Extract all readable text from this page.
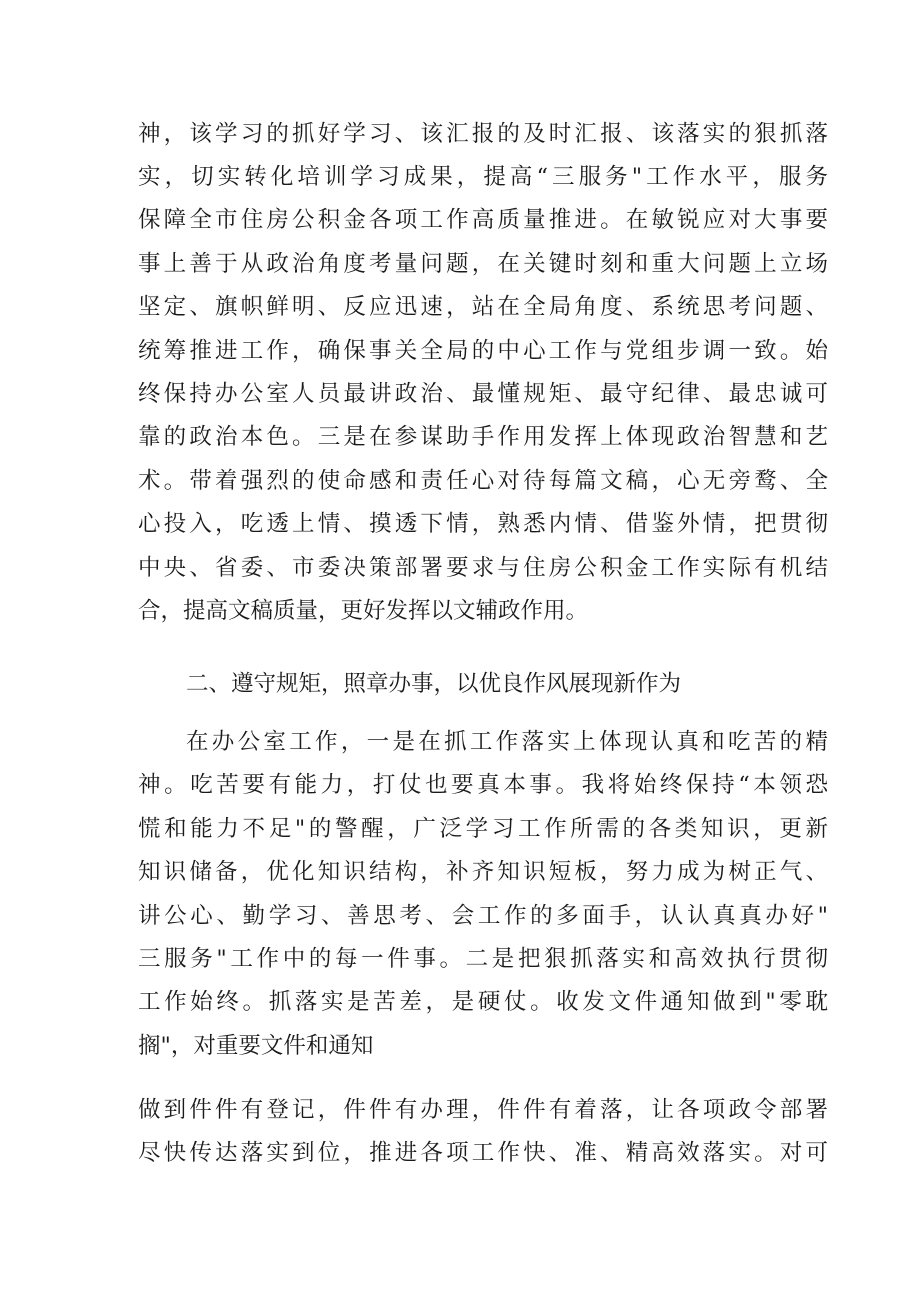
神，该学习的抓好学习、该汇报的及时汇报、该落实的狠抓落
实，切实转化培训学习成果，提高“三服务"工作水平，服务
保障全市住房公积金各项工作高质量推进。在敏锐应对大事要
事上善于从政治角度考量问题，在关键时刻和重大问题上立场
坚定、旗帜鲜明、反应迅速，站在全局角度、系统思考问题、
统筹推进工作，确保事关全局的中心工作与党组步调一致。始
终保持办公室人员最讲政治、最懂规矩、最守纪律、最忠诚可
靠的政治本色。三是在参谋助手作用发挥上体现政治智慧和艺
术。带着强烈的使命感和责任心对待每篇文稿，心无旁鹜、全
心投入，吃透上情、摸透下情，熟悉内情、借鉴外情，把贯彻
中央、省委、市委决策部署要求与住房公积金工作实际有机结
合，提高文稿质量，更好发挥以文辅政作用。
二、遵守规矩，照章办事，以优良作风展现新作为
在办公室工作，一是在抓工作落实上体现认真和吃苦的精
神。吃苦要有能力，打仗也要真本事。我将始终保持“本领恐
慌和能力不足"的警醒，广泛学习工作所需的各类知识，更新
知识储备，优化知识结构，补齐知识短板，努力成为树正气、
讲公心、勤学习、善思考、会工作的多面手，认认真真办好"
三服务"工作中的每一件事。二是把狠抓落实和高效执行贯彻
工作始终。抓落实是苦差，是硬仗。收发文件通知做到"零耽
搁"，对重要文件和通知
做到件件有登记，件件有办理，件件有着落，让各项政令部署
尽快传达落实到位，推进各项工作快、准、精高效落实。对可
